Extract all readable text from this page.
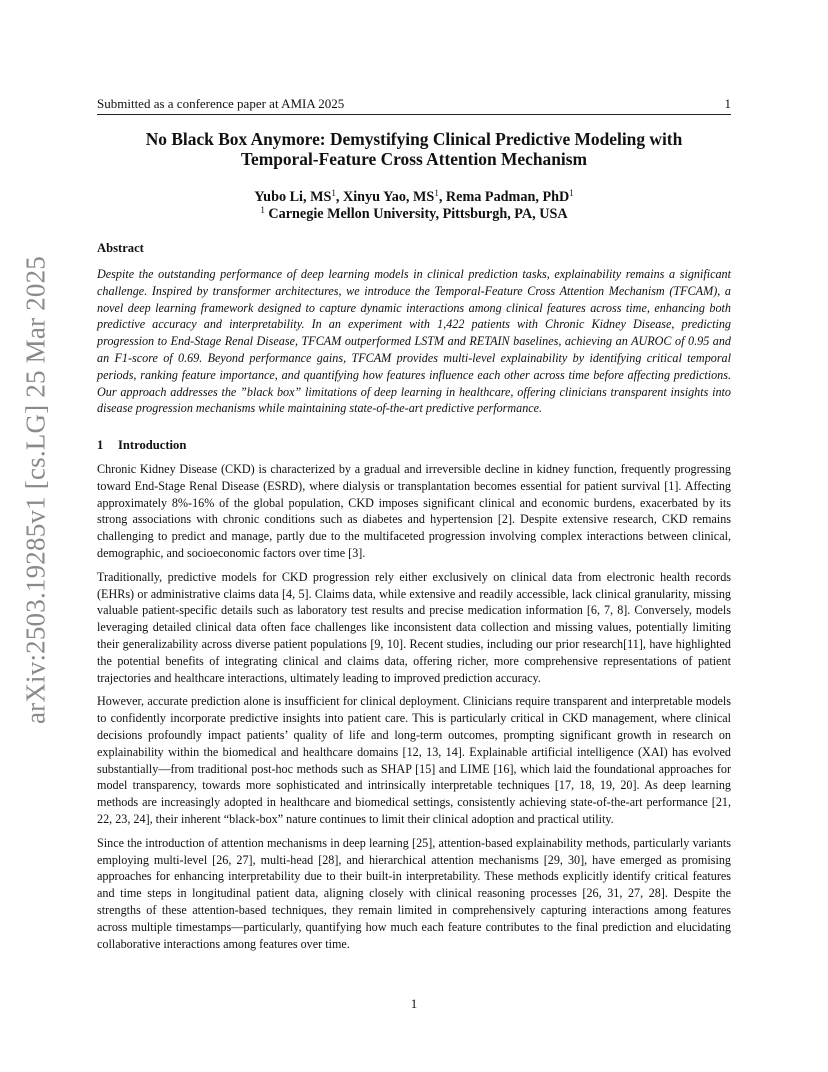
arXiv:2503.19285v1 [cs.LG] 25 Mar 2025
Submitted as a conference paper at AMIA 2025	1
No Black Box Anymore: Demystifying Clinical Predictive Modeling with
Temporal-Feature Cross Attention Mechanism
Yubo Li, $MS^1$, Xinyu Yao, $MS^1$, Rema Padman, PhD$^1$
$^1$ Carnegie Mellon University, Pittsburgh, PA, USA
Abstract

Despite the outstanding performance of deep learning models in clinical prediction tasks, explainability remains a significant challenge. Inspired by transformer architectures, we introduce the Temporal-Feature Cross Attention Mechanism (TFCAM), a novel deep learning framework designed to capture dynamic interactions among clinical features across time, enhancing both predictive accuracy and interpretability. In an experiment with 1,422 patients with Chronic Kidney Disease, predicting progression to End-Stage Renal Disease, TFCAM outperformed LSTM and RETAIN baselines, achieving an AUROC of 0.95 and an F1-score of 0.69. Beyond performance gains, TFCAM provides multi-level explainability by identifying critical temporal periods, ranking feature importance, and quantifying how features influence each other across time before affecting predictions. Our approach addresses the ”black box” limitations of deep learning in healthcare, offering clinicians transparent insights into disease progression mechanisms while maintaining state-of-the-art predictive performance.

1 Introduction

Chronic Kidney Disease (CKD) is characterized by a gradual and irreversible decline in kidney function, frequently progressing toward End-Stage Renal Disease (ESRD), where dialysis or transplantation becomes essential for patient survival [1]. Affecting approximately 8%-16% of the global population, CKD imposes significant clinical and economic burdens, exacerbated by its strong associations with chronic conditions such as diabetes and hypertension [2]. Despite extensive research, CKD remains challenging to predict and manage, partly due to the multifaceted progression involving complex interactions between clinical, demographic, and socioeconomic factors over time [3].

Traditionally, predictive models for CKD progression rely either exclusively on clinical data from electronic health records (EHRs) or administrative claims data [4, 5]. Claims data, while extensive and readily accessible, lack clinical granularity, missing valuable patient-specific details such as laboratory test results and precise medication information [6, 7, 8]. Conversely, models leveraging detailed clinical data often face challenges like inconsistent data collection and missing values, potentially limiting their generalizability across diverse patient populations [9, 10]. Recent studies, including our prior research[11], have highlighted the potential benefits of integrating clinical and claims data, offering richer, more comprehensive representations of patient trajectories and healthcare interactions, ultimately leading to improved prediction accuracy.

However, accurate prediction alone is insufficient for clinical deployment. Clinicians require transparent and interpretable models to confidently incorporate predictive insights into patient care. This is particularly critical in CKD management, where clinical decisions profoundly impact patients’ quality of life and long-term outcomes, prompting significant growth in research on explainability within the biomedical and healthcare domains [12, 13, 14]. Explainable artificial intelligence (XAI) has evolved substantially—from traditional post-hoc methods such as SHAP [15] and LIME [16], which laid the foundational approaches for model transparency, towards more sophisticated and intrinsically interpretable techniques [17, 18, 19, 20]. As deep learning methods are increasingly adopted in healthcare and biomedical settings, consistently achieving state-of-the-art performance [21, 22, 23, 24], their inherent “black-box” nature continues to limit their clinical adoption and practical utility.

Since the introduction of attention mechanisms in deep learning [25], attention-based explainability methods, particularly variants employing multi-level [26, 27], multi-head [28], and hierarchical attention mechanisms [29, 30], have emerged as promising approaches for enhancing interpretability due to their built-in interpretability. These methods explicitly identify critical features and time steps in longitudinal patient data, aligning closely with clinical reasoning processes [26, 31, 27, 28]. Despite the strengths of these attention-based techniques, they remain limited in comprehensively capturing interactions among features across multiple timestamps—particularly, quantifying how much each feature contributes to the final prediction and elucidating collaborative interactions among features over time.

1
